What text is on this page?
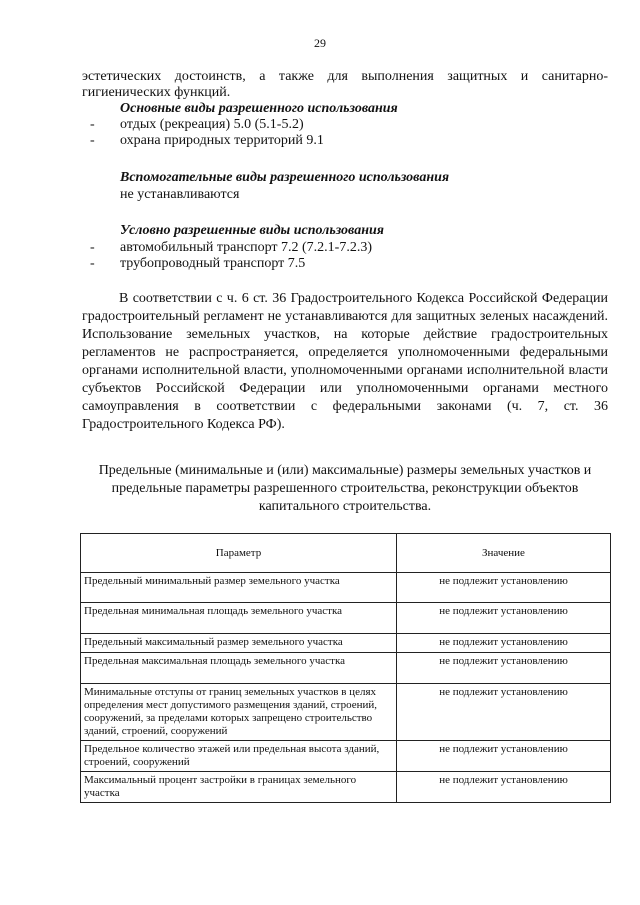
29
эстетических достоинств, а также для выполнения защитных и санитарно-гигиенических функций.
Основные виды разрешенного использования
-	отдых (рекреация) 5.0 (5.1-5.2)
-	охрана природных территорий 9.1
Вспомогательные виды разрешенного использования
не устанавливаются
Условно разрешенные виды использования
-	автомобильный транспорт 7.2 (7.2.1-7.2.3)
-	трубопроводный транспорт 7.5
В соответствии с ч. 6 ст. 36 Градостроительного Кодекса Российской Федерации градостроительный регламент не устанавливаются для защитных зеленых насаждений. Использование земельных участков, на которые действие градостроительных регламентов не распространяется, определяется уполномоченными федеральными органами исполнительной власти, уполномоченными органами исполнительной власти субъектов Российской Федерации или уполномоченными органами местного самоуправления в соответствии с федеральными законами (ч. 7, ст. 36 Градостроительного Кодекса РФ).
Предельные (минимальные и (или) максимальные) размеры земельных участков и предельные параметры разрешенного строительства, реконструкции объектов капитального строительства.
Параметр	Значение
Предельный минимальный размер земельного участка	не подлежит установлению
Предельная минимальная площадь земельного участка	не подлежит установлению
Предельный максимальный размер земельного участка	не подлежит установлению
Предельная максимальная площадь земельного участка	не подлежит установлению
Минимальные отступы от границ земельных участков в целях определения мест допустимого размещения зданий, строений, сооружений, за пределами которых запрещено строительство зданий, строений, сооружений	не подлежит установлению
Предельное количество этажей или предельная высота зданий, строений, сооружений	не подлежит установлению
Максимальный процент застройки в границах земельного участка	не подлежит установлению
